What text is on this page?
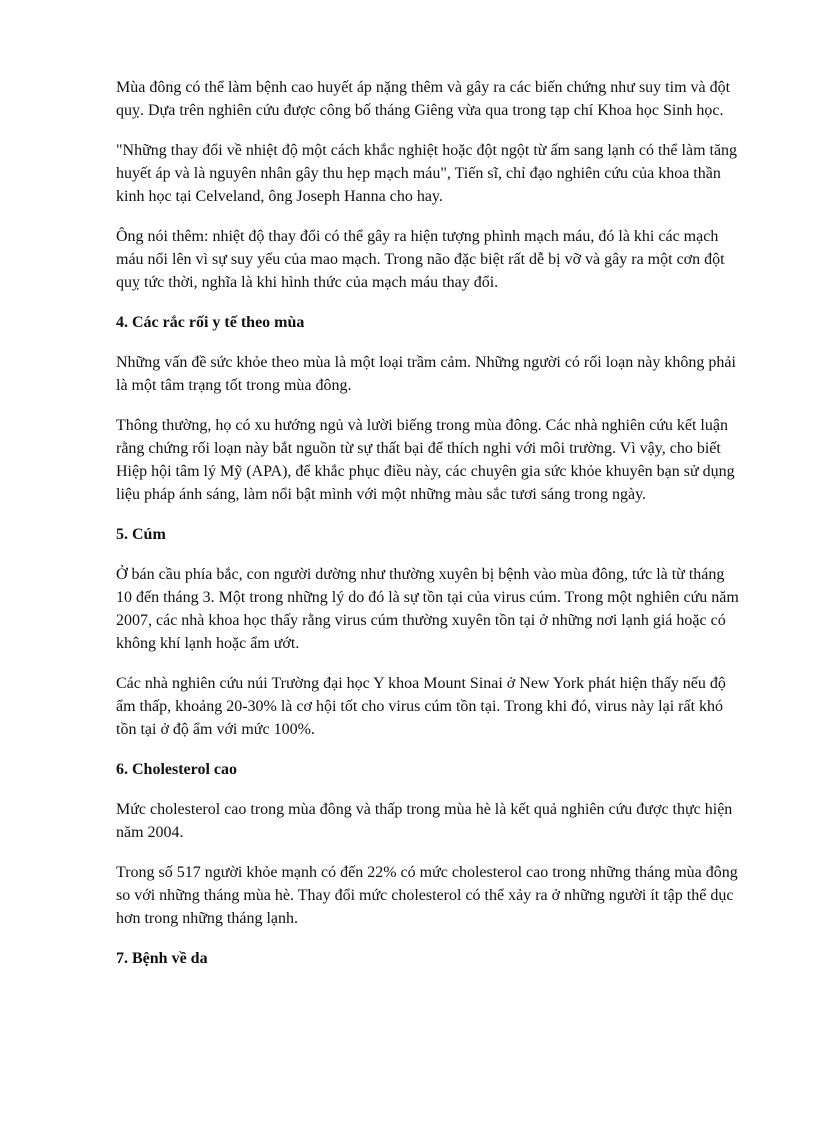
Mùa đông có thể làm bệnh cao huyết áp nặng thêm và gây ra các biến chứng như suy tim và đột quỵ. Dựa trên nghiên cứu được công bố tháng Giêng vừa qua trong tạp chí Khoa học Sinh học.

"Những thay đổi về nhiệt độ một cách khắc nghiệt hoặc đột ngột từ ấm sang lạnh có thể làm tăng huyết áp và là nguyên nhân gây thu hẹp mạch máu", Tiến sĩ, chỉ đạo nghiên cứu của khoa thần kinh học tại Celveland, ông Joseph Hanna cho hay.

Ông nói thêm: nhiệt độ thay đổi có thể gây ra hiện tượng phình mạch máu, đó là khi các mạch máu nổi lên vì sự suy yếu của mao mạch. Trong não đặc biệt rất dễ bị vỡ và gây ra một cơn đột quỵ tức thời, nghĩa là khi hình thức của mạch máu thay đổi.

4. Các rắc rối y tế theo mùa

Những vấn đề sức khỏe theo mùa là một loại trầm cảm. Những người có rối loạn này không phải là một tâm trạng tốt trong mùa đông.

Thông thường, họ có xu hướng ngủ và lười biếng trong mùa đông. Các nhà nghiên cứu kết luận rằng chứng rối loạn này bắt nguồn từ sự thất bại để thích nghi với môi trường. Vì vậy, cho biết Hiệp hội tâm lý Mỹ (APA), để khắc phục điều này, các chuyên gia sức khỏe khuyên bạn sử dụng liệu pháp ánh sáng, làm nổi bật mình với một những màu sắc tươi sáng trong ngày.

5. Cúm

Ở bán cầu phía bắc, con người dường như thường xuyên bị bệnh vào mùa đông, tức là từ tháng 10 đến tháng 3. Một trong những lý do đó là sự tồn tại của virus cúm. Trong một nghiên cứu năm 2007, các nhà khoa học thấy rằng virus cúm thường xuyên tồn tại ở những nơi lạnh giá hoặc có không khí lạnh hoặc ẩm ướt.

Các nhà nghiên cứu núi Trường đại học Y khoa Mount Sinai ở New York phát hiện thấy nếu độ ẩm thấp, khoảng 20-30% là cơ hội tốt cho virus cúm tồn tại. Trong khi đó, virus này lại rất khó tồn tại ở độ ẩm với mức 100%.

6. Cholesterol cao

Mức cholesterol cao trong mùa đông và thấp trong mùa hè là kết quả nghiên cứu được thực hiện năm 2004.

Trong số 517 người khỏe mạnh có đến 22% có mức cholesterol cao trong những tháng mùa đông so với những tháng mùa hè. Thay đổi mức cholesterol có thể xảy ra ở những người ít tập thể dục hơn trong những tháng lạnh.

7. Bệnh về da
